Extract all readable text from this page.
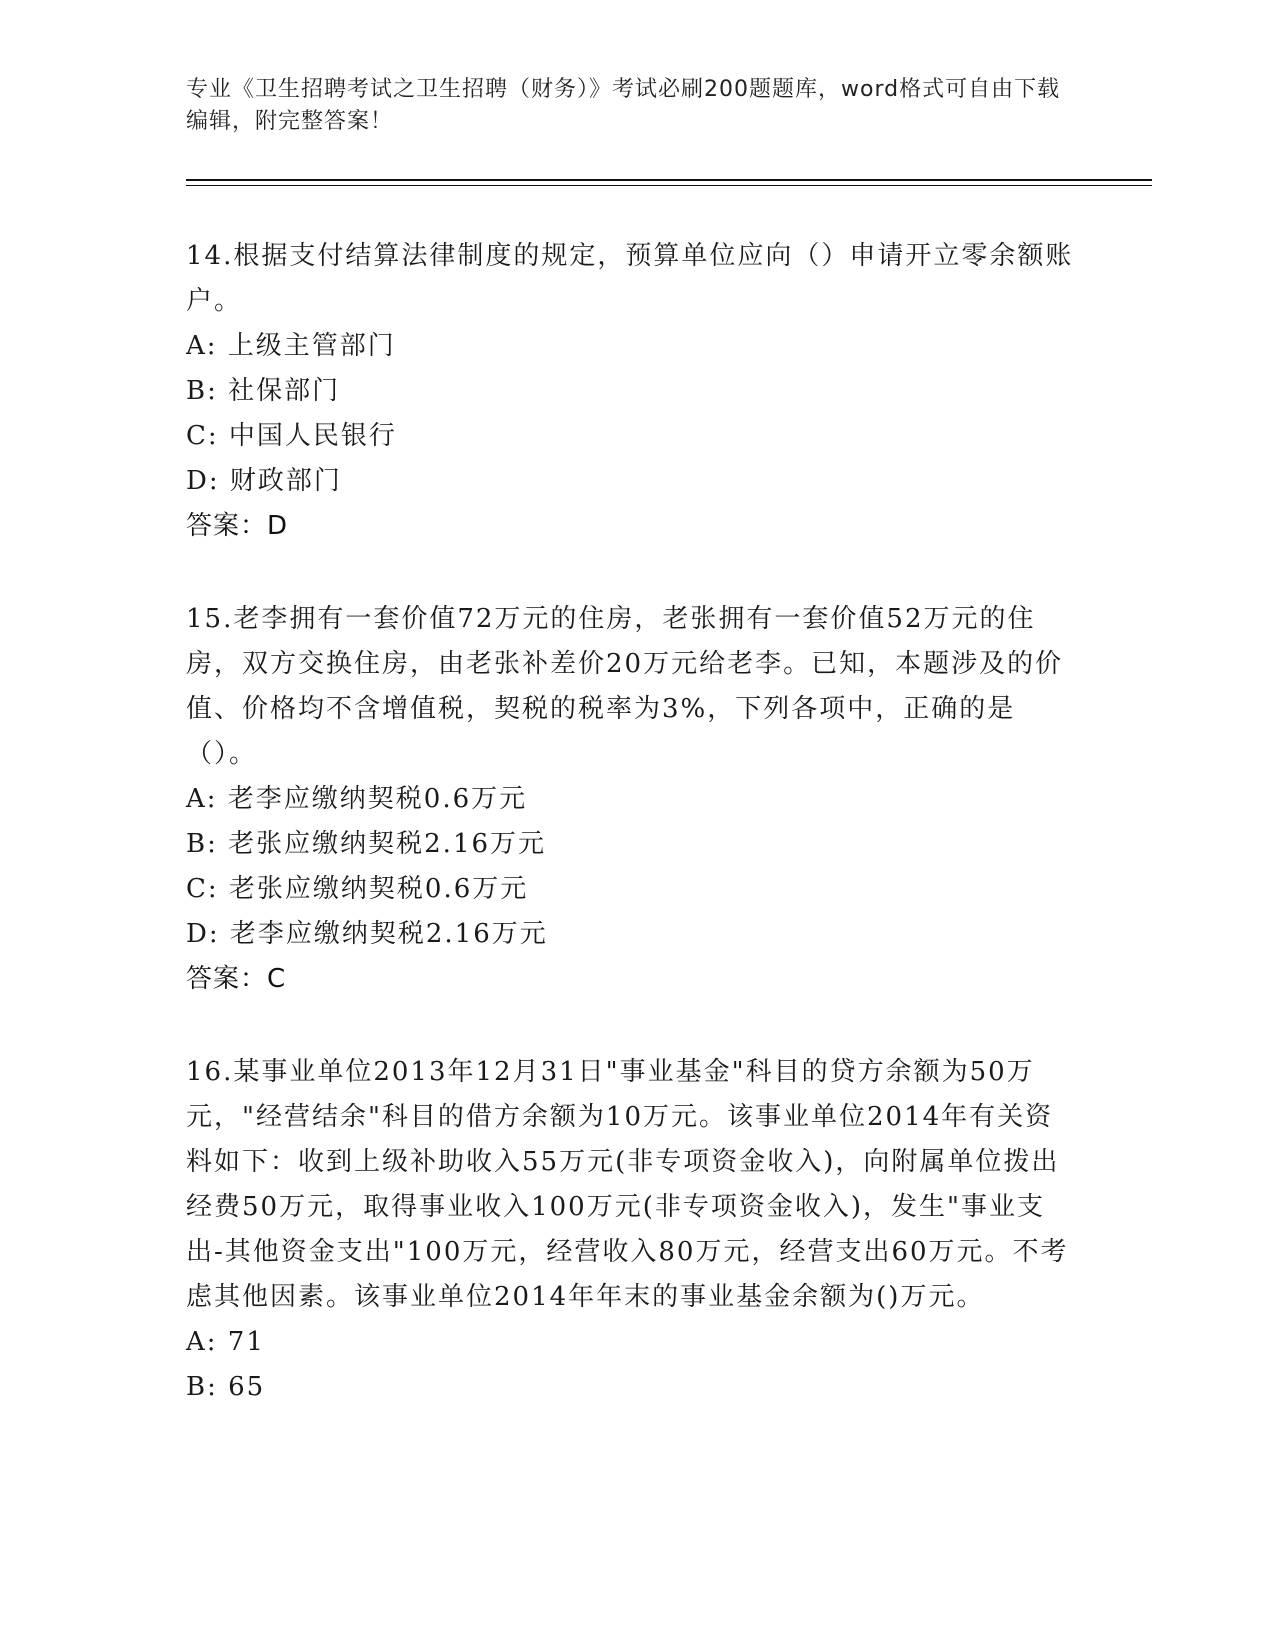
专业《卫生招聘考试之卫生招聘（财务）》考试必刷200题题库，word格式可自由下载编辑，附完整答案！

14.根据支付结算法律制度的规定，预算单位应向（）申请开立零余额账户。

A: 上级主管部门

B: 社保部门

C: 中国人民银行

D: 财政部门

答案：D

15.老李拥有一套价值72万元的住房，老张拥有一套价值52万元的住房，双方交换住房，由老张补差价20万元给老李。已知，本题涉及的价值、价格均不含增值税，契税的税率为3%，下列各项中，正确的是（）。

A: 老李应缴纳契税0.6万元

B: 老张应缴纳契税2.16万元

C: 老张应缴纳契税0.6万元

D: 老李应缴纳契税2.16万元

答案：C

16.某事业单位2013年12月31日"事业基金"科目的贷方余额为50万元，"经营结余"科目的借方余额为10万元。该事业单位2014年有关资料如下：收到上级补助收入55万元(非专项资金收入)，向附属单位拨出经费50万元，取得事业收入100万元(非专项资金收入)，发生"事业支出-其他资金支出"100万元，经营收入80万元，经营支出60万元。不考虑其他因素。该事业单位2014年年末的事业基金余额为()万元。

A: 71

B: 65
